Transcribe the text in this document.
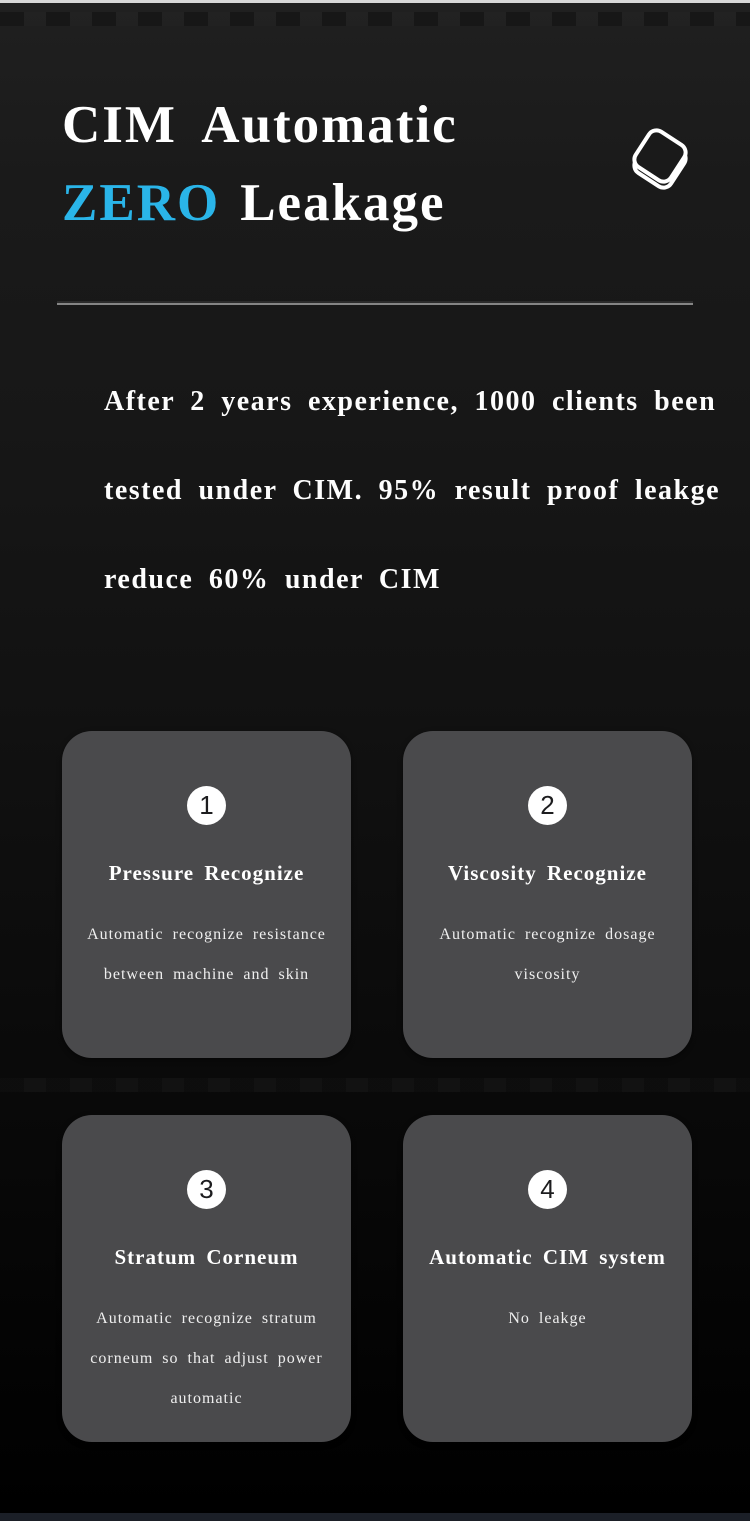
CIM Automatic
ZERO Leakage

After 2 years experience, 1000 clients been

tested under CIM. 95% result proof leakge

reduce 60% under CIM

1
Pressure Recognize
Automatic recognize resistance
between machine and skin
2
Viscosity Recognize
Automatic recognize dosage
viscosity
3
Stratum Corneum
Automatic recognize stratum
corneum so that adjust power
automatic
4
Automatic CIM system
No leakge
